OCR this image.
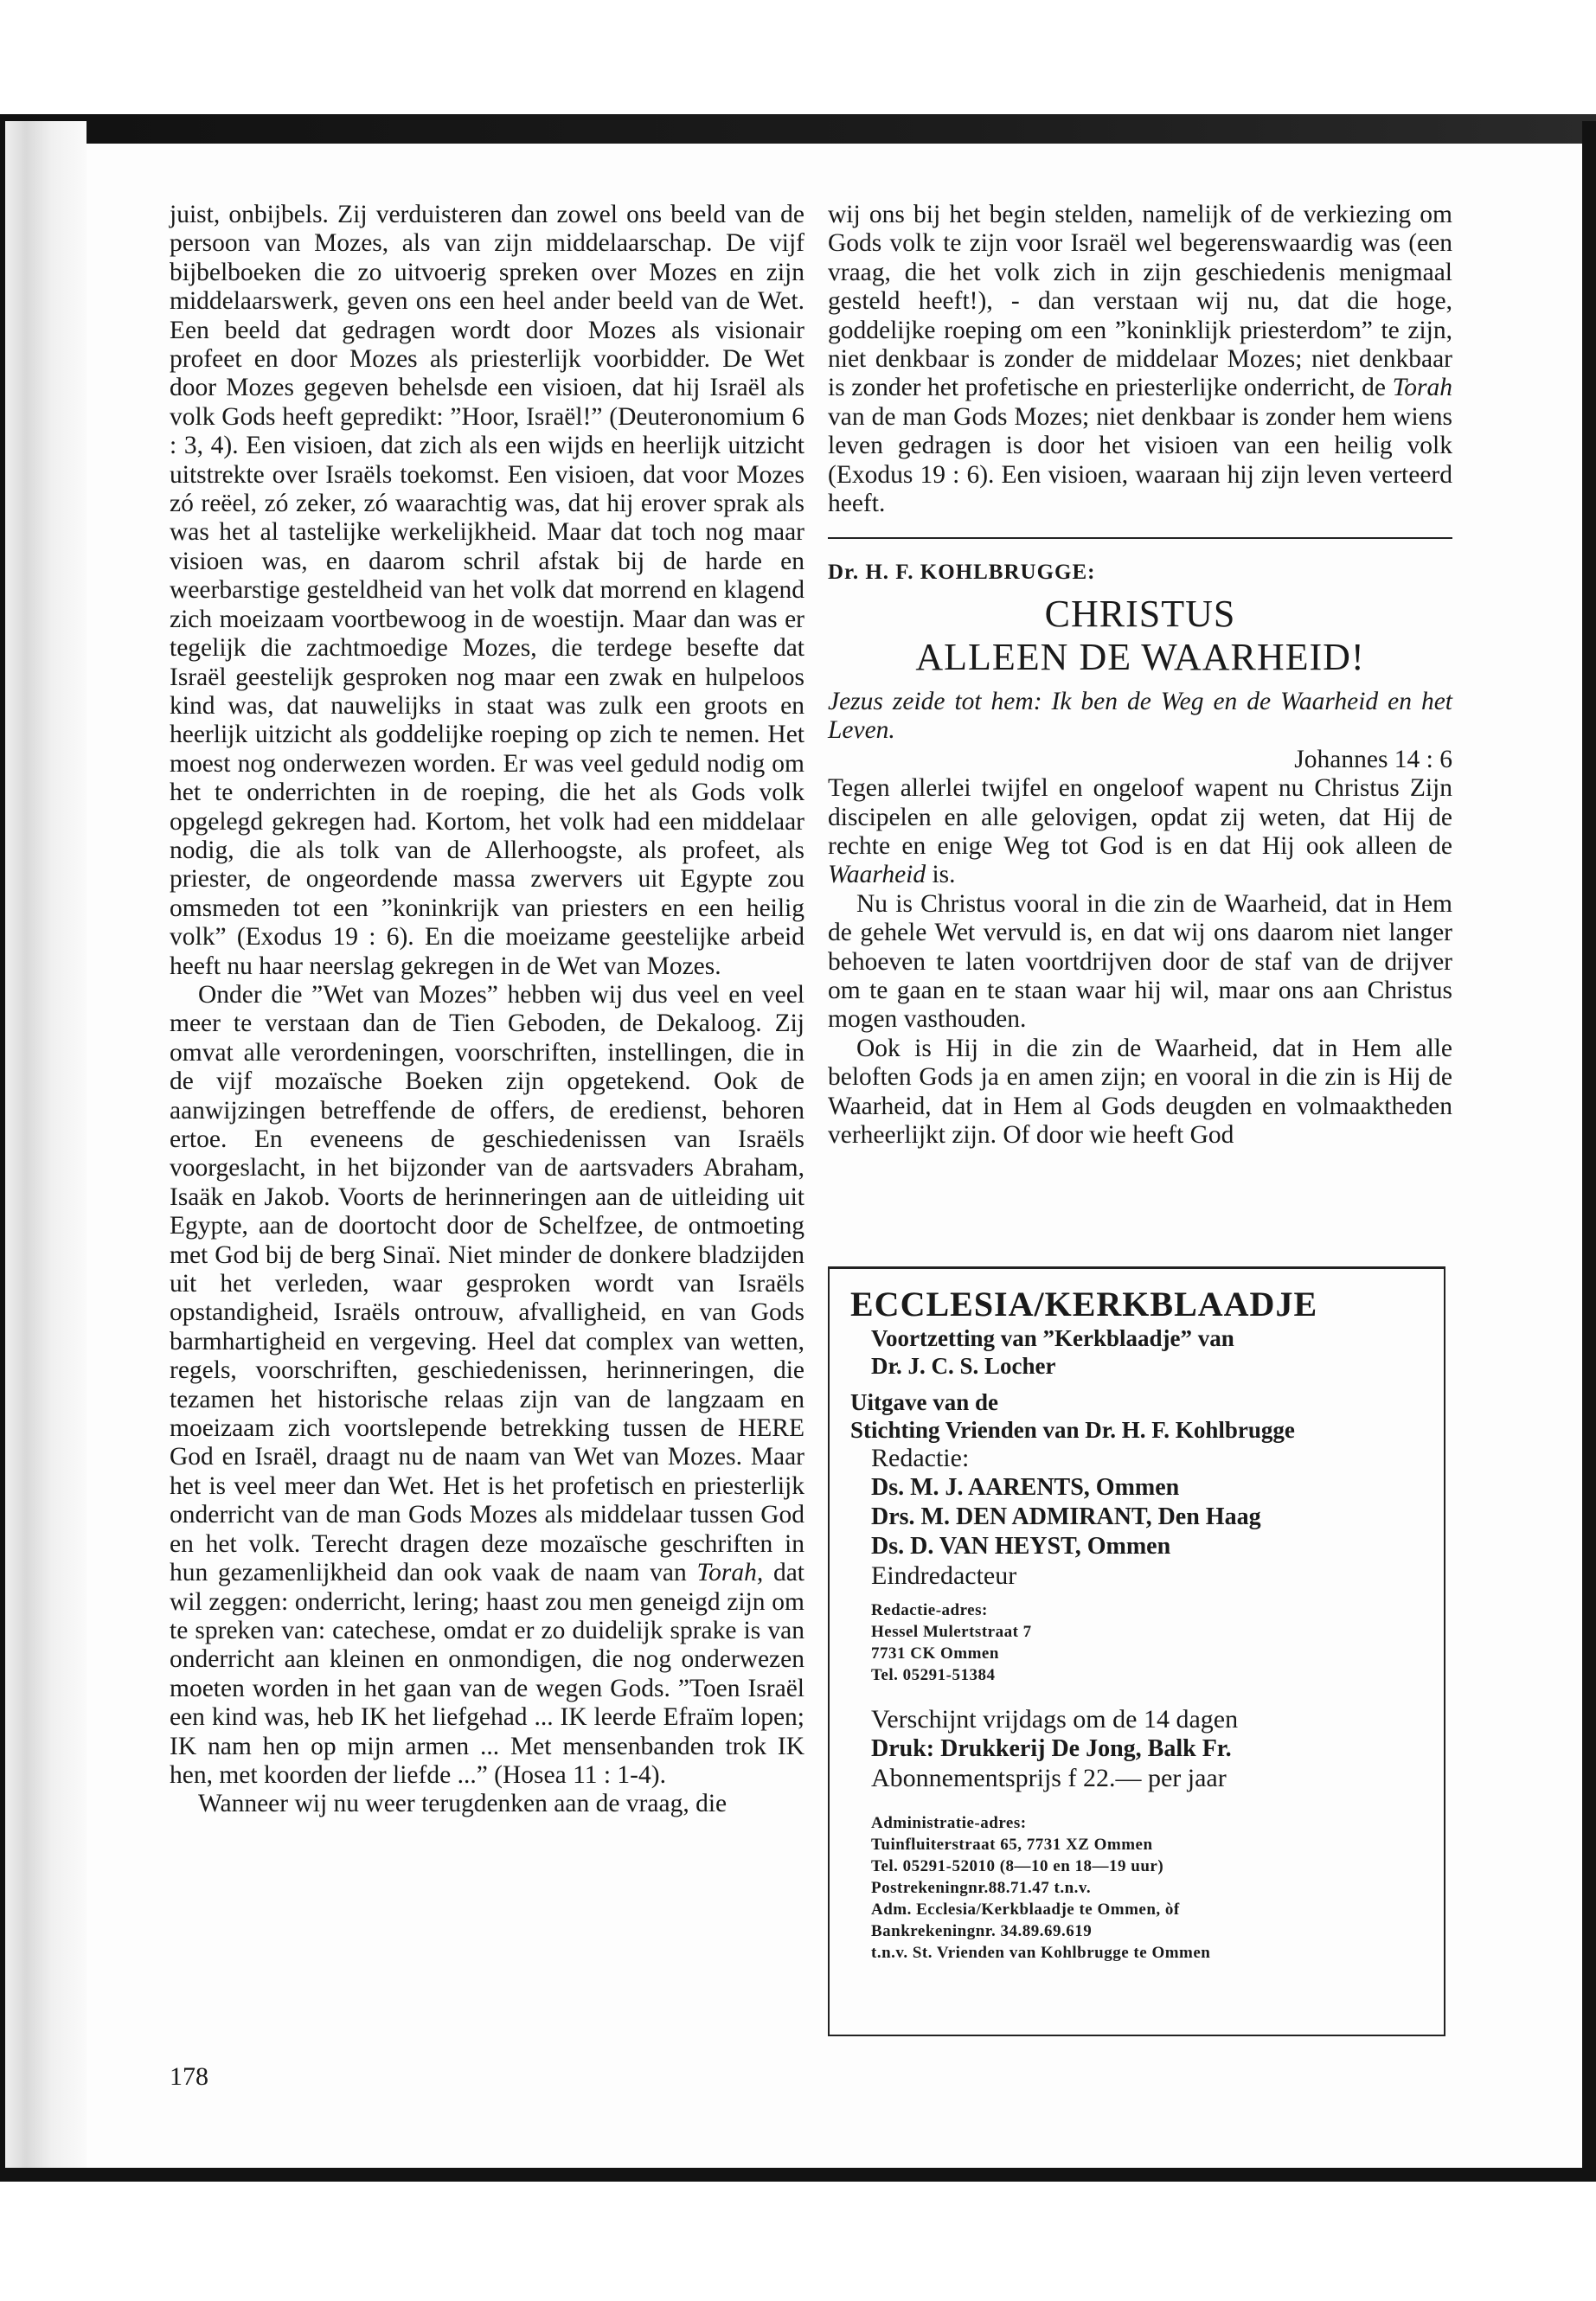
juist, onbijbels. Zij verduisteren dan zowel ons beeld van de persoon van Mozes, als van zijn middelaarschap. De vijf bijbelboeken die zo uitvoerig spreken over Mozes en zijn middelaarswerk, geven ons een heel ander beeld van de Wet. Een beeld dat gedragen wordt door Mozes als visionair profeet en door Mozes als priesterlijk voorbidder. De Wet door Mozes gegeven behelsde een visioen, dat hij Israël als volk Gods heeft gepredikt: ”Hoor, Israël!” (Deuteronomium 6 : 3, 4). Een visioen, dat zich als een wijds en heerlijk uitzicht uitstrekte over Israëls toekomst. Een visioen, dat voor Mozes zó reëel, zó zeker, zó waarachtig was, dat hij erover sprak als was het al tastelijke werkelijkheid. Maar dat toch nog maar visioen was, en daarom schril afstak bij de harde en weerbarstige gesteldheid van het volk dat morrend en klagend zich moeizaam voortbewoog in de woestijn. Maar dan was er tegelijk die zachtmoedige Mozes, die terdege besefte dat Israël geestelijk gesproken nog maar een zwak en hulpeloos kind was, dat nauwelijks in staat was zulk een groots en heerlijk uitzicht als goddelijke roeping op zich te nemen. Het moest nog onderwezen worden. Er was veel geduld nodig om het te onderrichten in de roeping, die het als Gods volk opgelegd gekregen had. Kortom, het volk had een middelaar nodig, die als tolk van de Allerhoogste, als profeet, als priester, de ongeordende massa zwervers uit Egypte zou omsmeden tot een ”koninkrijk van priesters en een heilig volk” (Exodus 19 : 6). En die moeizame geestelijke arbeid heeft nu haar neerslag gekregen in de Wet van Mozes.

Onder die ”Wet van Mozes” hebben wij dus veel en veel meer te verstaan dan de Tien Geboden, de Dekaloog. Zij omvat alle verordeningen, voorschriften, instellingen, die in de vijf mozaïsche Boeken zijn opgetekend. Ook de aanwijzingen betreffende de offers, de eredienst, behoren ertoe. En eveneens de geschiedenissen van Israëls voorgeslacht, in het bijzonder van de aartsvaders Abraham, Isaäk en Jakob. Voorts de herinneringen aan de uitleiding uit Egypte, aan de doortocht door de Schelfzee, de ontmoeting met God bij de berg Sinaï. Niet minder de donkere bladzijden uit het verleden, waar gesproken wordt van Israëls opstandigheid, Israëls ontrouw, afvalligheid, en van Gods barmhartigheid en vergeving. Heel dat complex van wetten, regels, voorschriften, geschiedenissen, herinneringen, die tezamen het historische relaas zijn van de langzaam en moeizaam zich voortslepende betrekking tussen de HERE God en Israël, draagt nu de naam van Wet van Mozes. Maar het is veel meer dan Wet. Het is het profetisch en priesterlijk onderricht van de man Gods Mozes als middelaar tussen God en het volk. Terecht dragen deze mozaïsche geschriften in hun gezamenlijkheid dan ook vaak de naam van Torah, dat wil zeggen: onderricht, lering; haast zou men geneigd zijn om te spreken van: catechese, omdat er zo duidelijk sprake is van onderricht aan kleinen en onmondigen, die nog onderwezen moeten worden in het gaan van de wegen Gods. ”Toen Israël een kind was, heb IK het liefgehad ... IK leerde Efraïm lopen; IK nam hen op mijn armen ... Met mensenbanden trok IK hen, met koorden der liefde ...” (Hosea 11 : 1-4).

Wanneer wij nu weer terugdenken aan de vraag, die

178

wij ons bij het begin stelden, namelijk of de verkiezing om Gods volk te zijn voor Israël wel begerenswaardig was (een vraag, die het volk zich in zijn geschiedenis menigmaal gesteld heeft!), - dan verstaan wij nu, dat die hoge, goddelijke roeping om een ”koninklijk priesterdom” te zijn, niet denkbaar is zonder de middelaar Mozes; niet denkbaar is zonder het profetische en priesterlijke onderricht, de Torah van de man Gods Mozes; niet denkbaar is zonder hem wiens leven gedragen is door het visioen van een heilig volk (Exodus 19 : 6). Een visioen, waaraan hij zijn leven verteerd heeft.

Dr. H. F. KOHLBRUGGE:
CHRISTUS
ALLEEN DE WAARHEID!

Jezus zeide tot hem: Ik ben de Weg en de Waarheid en het Leven.

Johannes 14 : 6

Tegen allerlei twijfel en ongeloof wapent nu Christus Zijn discipelen en alle gelovigen, opdat zij weten, dat Hij de rechte en enige Weg tot God is en dat Hij ook alleen de Waarheid is.

Nu is Christus vooral in die zin de Waarheid, dat in Hem de gehele Wet vervuld is, en dat wij ons daarom niet langer behoeven te laten voortdrijven door de staf van de drijver om te gaan en te staan waar hij wil, maar ons aan Christus mogen vasthouden.

Ook is Hij in die zin de Waarheid, dat in Hem alle beloften Gods ja en amen zijn; en vooral in die zin is Hij de Waarheid, dat in Hem al Gods deugden en volmaaktheden verheerlijkt zijn. Of door wie heeft God

ECCLESIA/KERKBLAADJE
Voortzetting van ”Kerkblaadje” van
Dr. J. C. S. Locher
Uitgave van de
Stichting Vrienden van Dr. H. F. Kohlbrugge
Redactie:
Ds. M. J. AARENTS, Ommen
Drs. M. DEN ADMIRANT, Den Haag
Ds. D. VAN HEYST, Ommen
Eindredacteur
Redactie-adres:
Hessel Mulertstraat 7
7731 CK Ommen
Tel. 05291-51384
Verschijnt vrijdags om de 14 dagen
Druk: Drukkerij De Jong, Balk Fr.
Abonnementsprijs f 22.— per jaar
Administratie-adres:
Tuinfluiterstraat 65, 7731 XZ Ommen
Tel. 05291-52010 (8—10 en 18—19 uur)
Postrekeningnr.88.71.47 t.n.v.
Adm. Ecclesia/Kerkblaadje te Ommen, òf
Bankrekeningnr. 34.89.69.619
t.n.v. St. Vrienden van Kohlbrugge te Ommen
